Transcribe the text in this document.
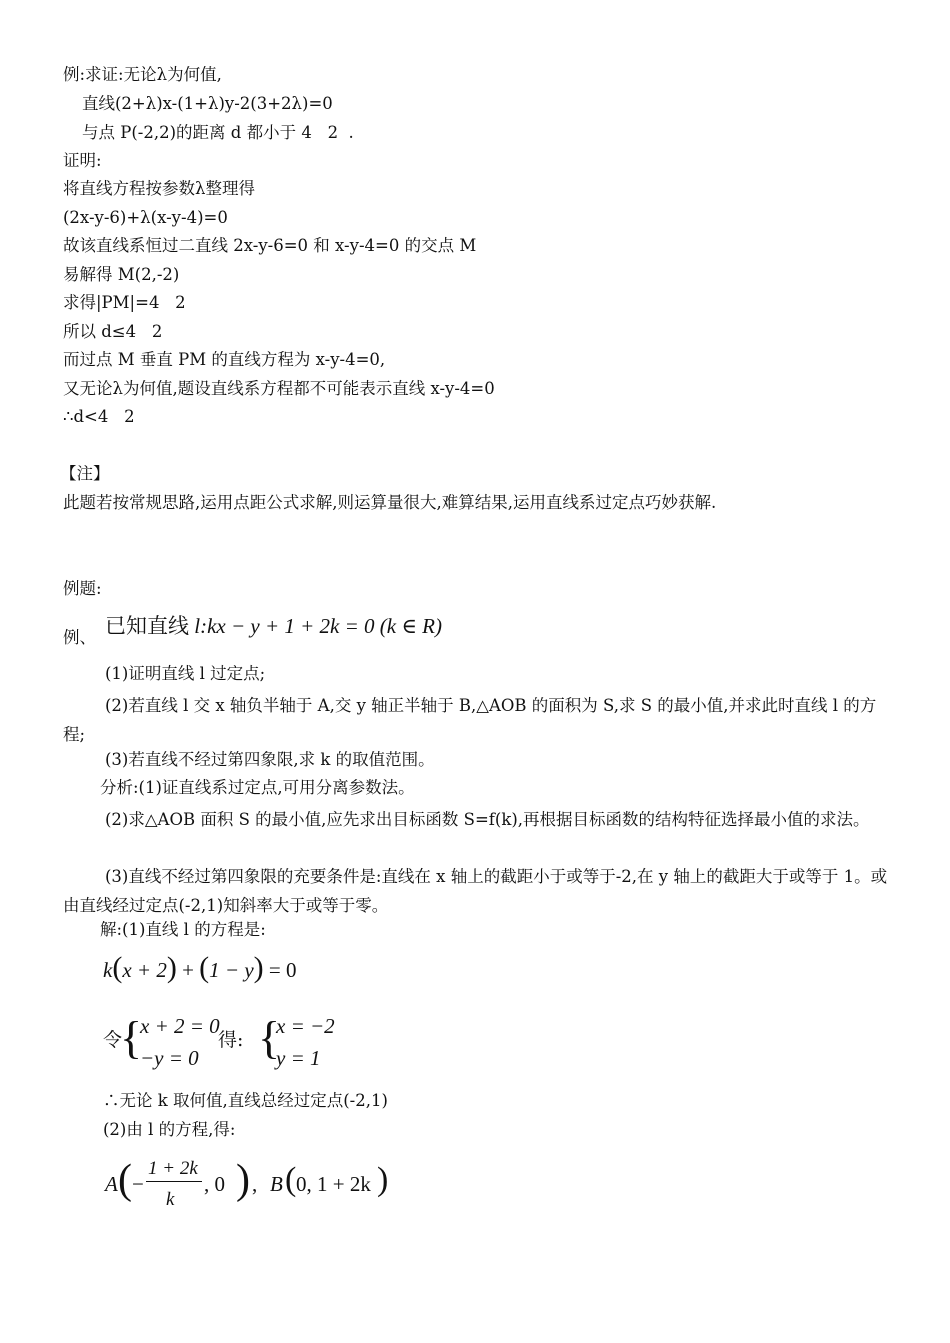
例:求证:无论λ为何值,
直线(2+λ)x-(1+λ)y-2(3+2λ)=0
与点 P(-2,2)的距离 d 都小于 4   2  .
证明:
将直线方程按参数λ整理得
(2x-y-6)+λ(x-y-4)=0
故该直线系恒过二直线 2x-y-6=0 和 x-y-4=0 的交点 M
易解得 M(2,-2)
求得|PM|=4   2
所以 d≤4   2
而过点 M 垂直 PM 的直线方程为 x-y-4=0,
又无论λ为何值,题设直线系方程都不可能表示直线 x-y-4=0
∴d<4   2
【注】
此题若按常规思路,运用点距公式求解,则运算量很大,难算结果,运用直线系过定点巧妙获解.
例题:
例、 已知直线 l:kx − y + 1 + 2k = 0 (k ∈ R)
(1)证明直线 l 过定点;
(2)若直线 l 交 x 轴负半轴于 A,交 y 轴正半轴于 B,△AOB 的面积为 S,求 S 的最小值,并求此时直线 l 的方程;
(3)若直线不经过第四象限,求 k 的取值范围。
分析:(1)证直线系过定点,可用分离参数法。
(2)求△AOB 面积 S 的最小值,应先求出目标函数 S=f(k),再根据目标函数的结构特征选择最小值的求法。
(3)直线不经过第四象限的充要条件是:直线在 x 轴上的截距小于或等于-2,在 y 轴上的截距大于或等于 1。或由直线经过定点(-2,1)知斜率大于或等于零。
解:(1)直线 l 的方程是:
k(x + 2) + (1 − y) = 0
令
{
x + 2 = 0
−y = 0
得: {
x = −2
y = 1
∴无论 k 取何值,直线总经过定点(-2,1)
(2)由 l 的方程,得:
A ( −
1 + 2k
k
, 0 ) , B ( 0, 1 + 2k )
